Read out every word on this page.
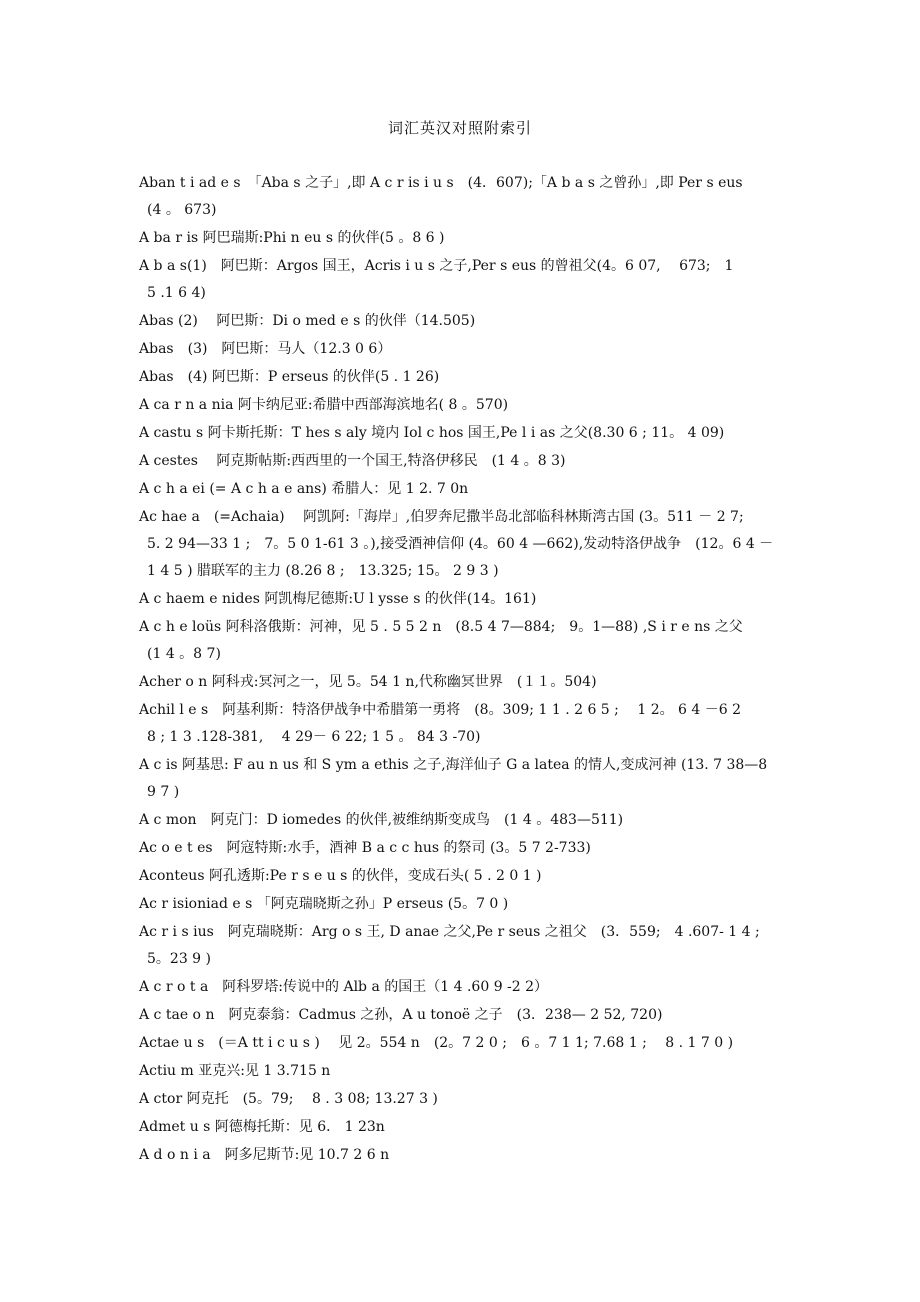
词汇英汉对照附索引
Aban t i ad e s　「Aba s 之子」,即 A c r is i u s　(4．607);「A b a s 之曾孙」,即 Per s eus
(4 。 673)
A ba r is 阿巴瑞斯:Phi n eu s 的伙伴(5 。8 6 )
A b a s(1)　阿巴斯：Argos 国王，Acris i u s 之子,Per s eus 的曾祖父(4。6 07,　 673;　1
5 .1 6 4)
Abas (2)　 阿巴斯：Di o med e s 的伙伴（14.505)
Abas　(3)　阿巴斯：马人（12.3 0 6）
Abas　(4) 阿巴斯：P erseus 的伙伴(5 . 1 26)
A ca r n a nia 阿卡纳尼亚:希腊中西部海滨地名( 8 。570)
A castu s 阿卡斯托斯：T hes s aly 境内 Iol c hos 国王,Pe l i as 之父(8.30 6 ; 11。 4 09)
A cestes　 阿克斯帖斯:西西里的一个国王,特洛伊移民　(1 4 。8 3)
A c h a ei (= A c h a e ans) 希腊人：见 1 2. 7 0n
Ac hae a　(=Achaia)　 阿凯阿:「海岸」,伯罗奔尼撒半岛北部临科林斯湾古国 (3。511 － 2 7;
5. 2 94—33 1 ;　7。5 0 1-61 3 。),接受酒神信仰 (4。60 4 —662),发动特洛伊战争　(12。6 4 －
1 4 5 ) 腊联军的主力 (8.26 8 ;　13.325; 15。 2 9 3 )
A c haem e nides 阿凯梅尼德斯:U l ysse s 的伙伴(14。161)
A c h e loüs 阿科洛俄斯：河神，见 5 . 5 5 2 n　(8.5 4 7—884;　9。1—88) ,S i r e ns 之父
(1 4 。8 7)
Acher o n 阿科戎:冥河之一，见 5。54 1 n,代称幽冥世界　(１１。504)
Achil l e s　阿基利斯：特洛伊战争中希腊第一勇将　(8。309; 1 1 . 2 6 5 ;　 1 2。 6 4 －6 2
8 ; 1 3 .128-381,　 4 29－ 6 22; 1 5 。 84 3 -70)
A c is 阿基思: F au n us 和 S ym a ethis 之子,海洋仙子 G a latea 的情人,变成河神 (13. 7 38—8
9 7 )
A c mon　阿克门：D iomedes 的伙伴,被维纳斯变成鸟　(1 4 。483—511)
Ac o e t es　阿寇特斯:水手，酒神 B a c c hus 的祭司 (3。5 7 2-733)
Aconteus 阿孔透斯:Pe r s e u s 的伙伴，变成石头( 5 . 2 0 1 )
Ac r isioniad e s 「阿克瑞晓斯之孙」P erseus (5。7 0 )
Ac r i s ius　阿克瑞晓斯：Arg o s 王, D anae 之父,Pe r seus 之祖父　(3．559;　4 .607- 1 4 ;
5。23 9 )
A c r o t a　阿科罗塔:传说中的 Alb a 的国王（1 4 .60 9 -2 2）
A c tae o n　阿克泰翁：Cadmus 之孙，A u tonoë 之子　(3．238— 2 52, 720)
Actae u s　(＝A tt i c u s )　 见 2。554 n　(2。7 2 0 ;　6 。7 1 1; 7.68 1 ;　 8 . 1 7 0 )
Actiu m 亚克兴:见 1 3.715 n
A ctor 阿克托　(5。79;　 8 . 3 08; 13.27 3 )
Admet u s 阿德梅托斯：见 6． 1 23n
A d o n i a　阿多尼斯节:见 10.7 2 6 n
